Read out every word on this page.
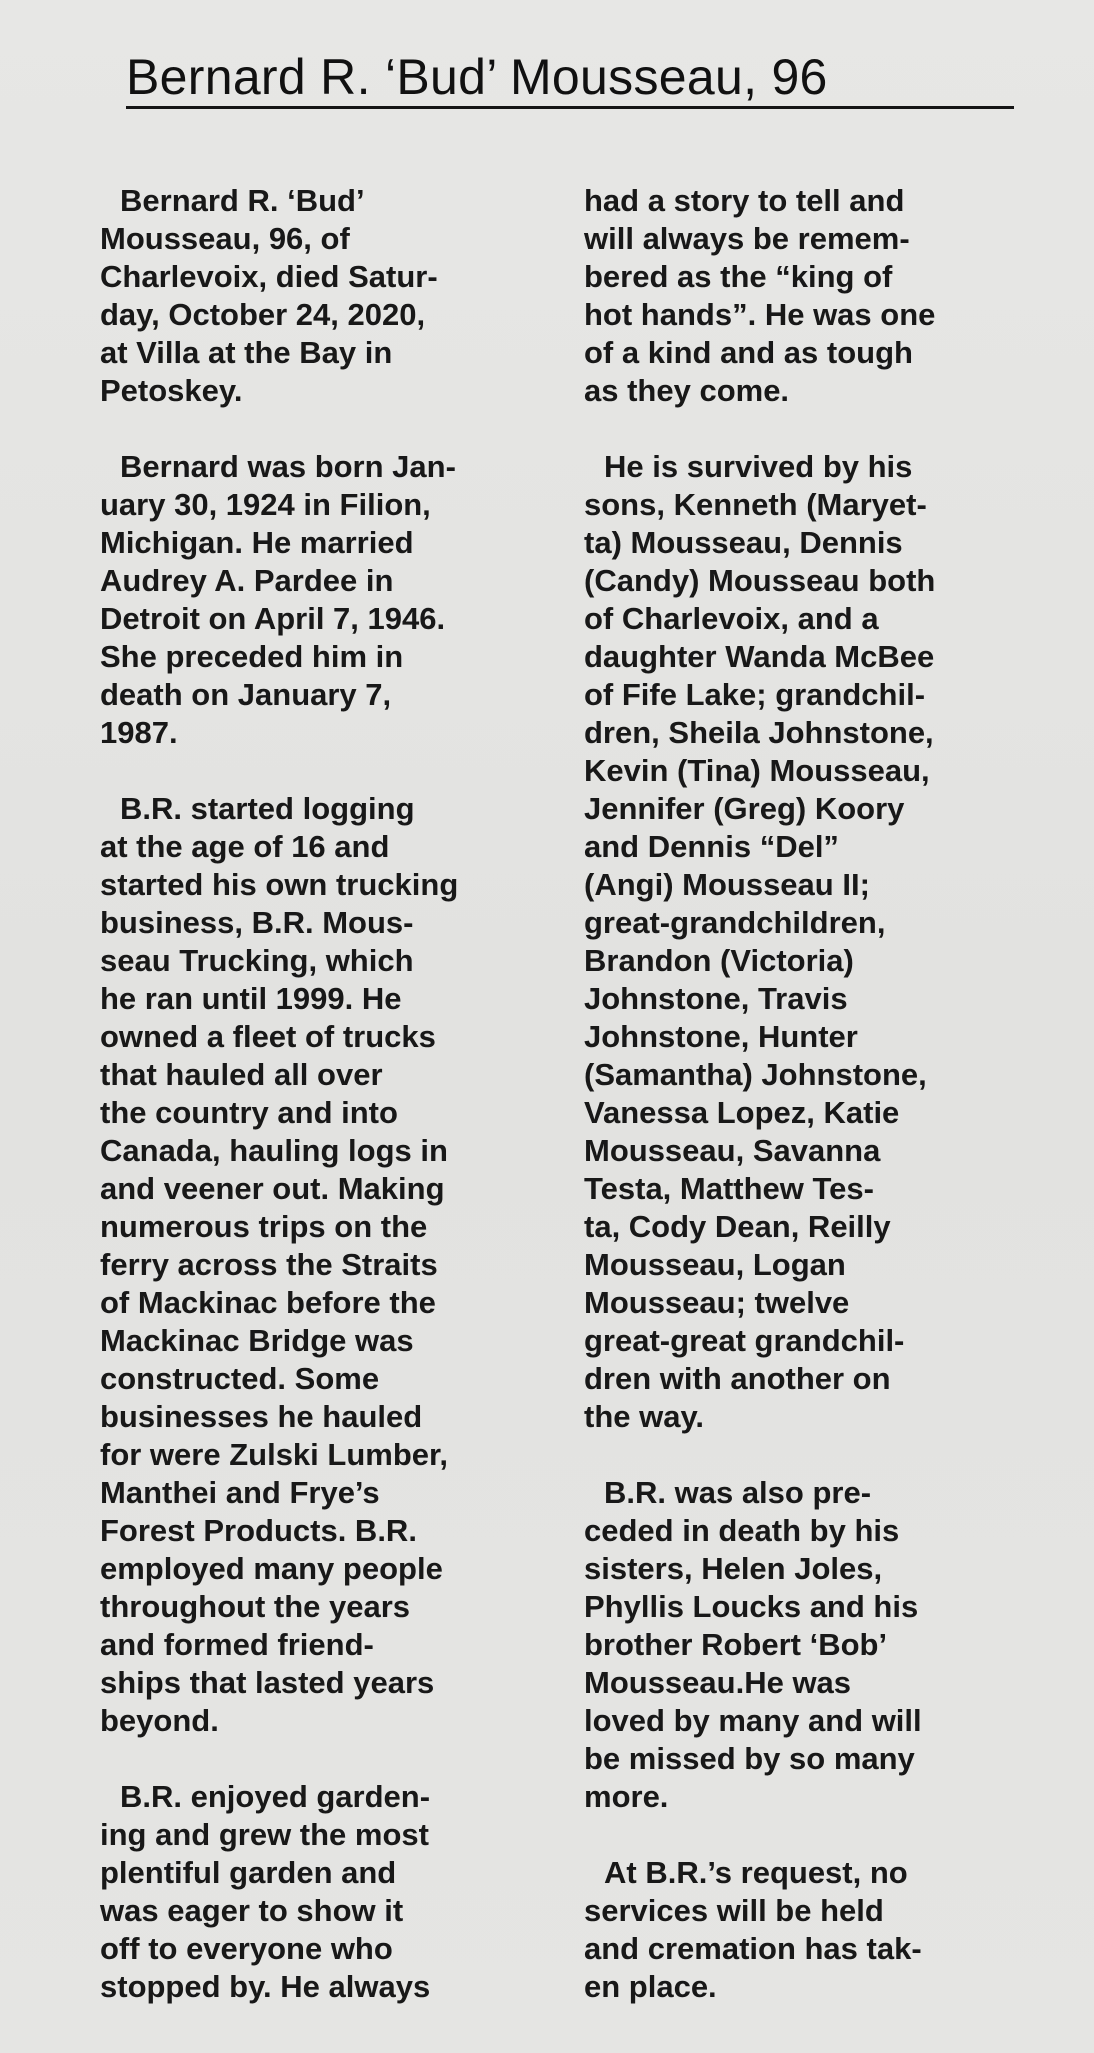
Bernard R. ‘Bud’ Mousseau, 96
Bernard R. ‘Bud’
Mousseau, 96, of
Charlevoix, died Satur-
day, October 24, 2020,
at Villa at the Bay in
Petoskey.
Bernard was born Jan-
uary 30, 1924 in Filion,
Michigan. He married
Audrey A. Pardee in
Detroit on April 7, 1946.
She preceded him in
death on January 7,
1987.
B.R. started logging
at the age of 16 and
started his own trucking
business, B.R. Mous-
seau Trucking, which
he ran until 1999. He
owned a fleet of trucks
that hauled all over
the country and into
Canada, hauling logs in
and veener out. Making
numerous trips on the
ferry across the Straits
of Mackinac before the
Mackinac Bridge was
constructed. Some
businesses he hauled
for were Zulski Lumber,
Manthei and Frye’s
Forest Products. B.R.
employed many people
throughout the years
and formed friend-
ships that lasted years
beyond.
B.R. enjoyed garden-
ing and grew the most
plentiful garden and
was eager to show it
off to everyone who
stopped by. He always
had a story to tell and
will always be remem-
bered as the “king of
hot hands”. He was one
of a kind and as tough
as they come.
He is survived by his
sons, Kenneth (Maryet-
ta) Mousseau, Dennis
(Candy) Mousseau both
of Charlevoix, and a
daughter Wanda McBee
of Fife Lake; grandchil-
dren, Sheila Johnstone,
Kevin (Tina) Mousseau,
Jennifer (Greg) Koory
and Dennis “Del”
(Angi) Mousseau II;
great-grandchildren,
Brandon (Victoria)
Johnstone, Travis
Johnstone, Hunter
(Samantha) Johnstone,
Vanessa Lopez, Katie
Mousseau, Savanna
Testa, Matthew Tes-
ta, Cody Dean, Reilly
Mousseau, Logan
Mousseau; twelve
great-great grandchil-
dren with another on
the way.
B.R. was also pre-
ceded in death by his
sisters, Helen Joles,
Phyllis Loucks and his
brother Robert ‘Bob’
Mousseau.He was
loved by many and will
be missed by so many
more.
At B.R.’s request, no
services will be held
and cremation has tak-
en place.
